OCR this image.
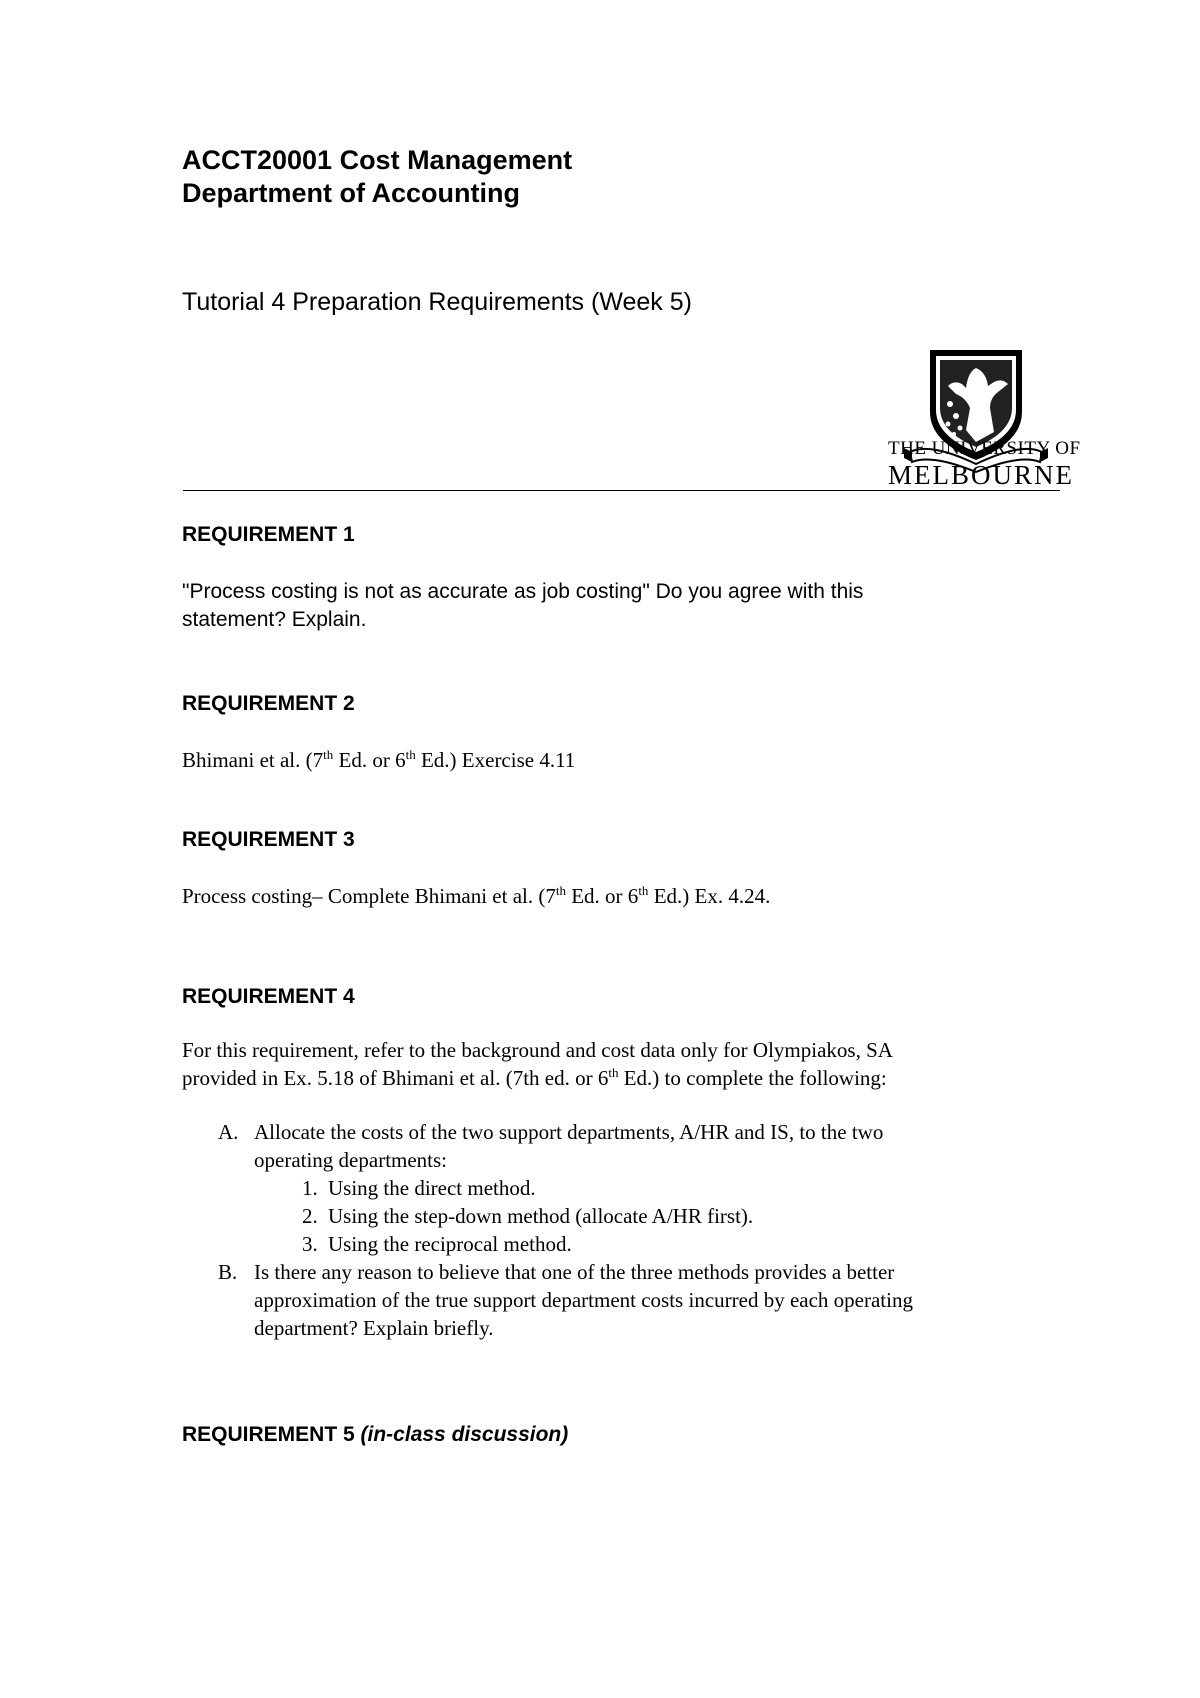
ACCT20001 Cost Management
Department of Accounting
Tutorial 4 Preparation Requirements (Week 5)
THE UNIVERSITY OF
MELBOURNE
REQUIREMENT 1
"Process costing is not as accurate as job costing" Do you agree with this
statement? Explain.
REQUIREMENT 2
Bhimani et al. (7th Ed. or 6th Ed.) Exercise 4.11
REQUIREMENT 3
Process costing– Complete Bhimani et al. (7th Ed. or 6th Ed.) Ex. 4.24.
REQUIREMENT 4
For this requirement, refer to the background and cost data only for Olympiakos, SA
provided in Ex. 5.18 of Bhimani et al. (7th ed. or 6th Ed.) to complete the following:
A. Allocate the costs of the two support departments, A/HR and IS, to the two
operating departments:
1. Using the direct method.
2. Using the step-down method (allocate A/HR first).
3. Using the reciprocal method.
B. Is there any reason to believe that one of the three methods provides a better
approximation of the true support department costs incurred by each operating
department? Explain briefly.
REQUIREMENT 5 (in-class discussion)
